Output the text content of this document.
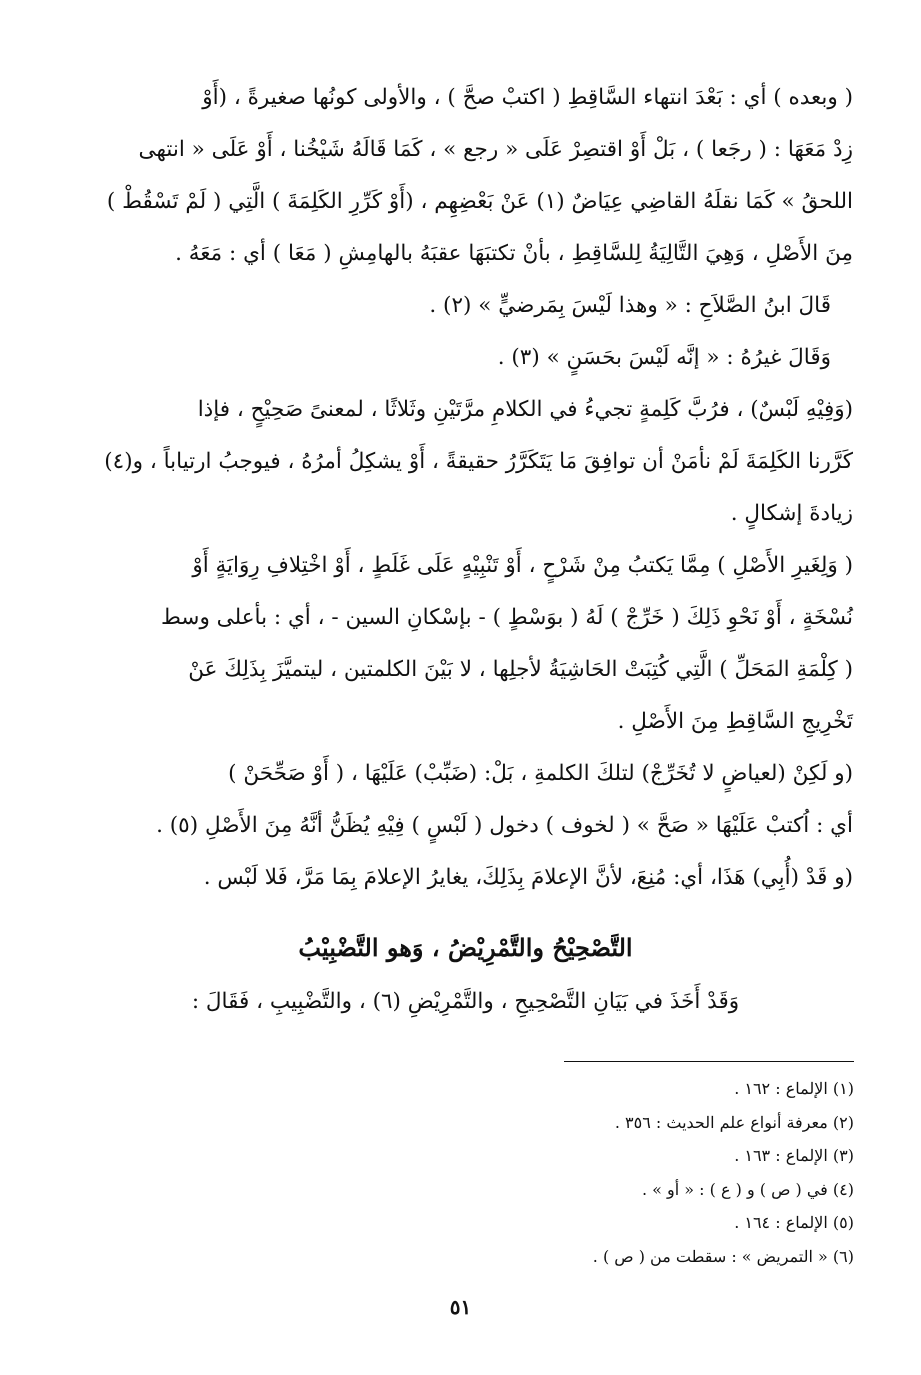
( وبعده ) أي : بَعْدَ انتهاء السَّاقِطِ ( اكتبْ صحَّ ) ، والأولى كونُها صغيرةً ، (أَوْ
زِدْ مَعَهَا : ( رجَعا ) ، بَلْ أَوْ اقتصِرْ عَلَى « رجع » ، كَمَا قَالَهُ شَيْخُنا ، أَوْ عَلَى « انتهى
اللحقُ » كَمَا نقلَهُ القاضِي عِيَاضٌ (١) عَنْ بَعْضِهِم ، (أَوْ كَرِّرِ الكَلِمَةَ ) الَّتِي ( لَمْ تَسْقُطْ )
مِنَ الأَصْلِ ، وَهِيَ التَّالِيَةُ لِلسَّاقِطِ ، بأنْ تكتبَهَا عقبَهُ بالهامِشِ ( مَعَا ) أي : مَعَهُ .
قَالَ ابنُ الصَّلاَحِ : « وهذا لَيْسَ بِمَرضيٍّ » (٢) .
وَقَالَ غيرُهُ : « إنَّه لَيْسَ بحَسَنٍ » (٣) .
(وَفِيْهِ لَبْسٌ) ، فرُبَّ كَلِمةٍ تجيءُ في الكلامِ مرَّتَيْنِ وثَلاثًا ، لمعنىً صَحِيْحٍ ، فإذا
كَرَّرنا الكَلِمَةَ لَمْ نأمَنْ أن توافِقَ مَا يَتَكَرَّرُ حقيقةً ، أَوْ يشكِلُ أمرُهُ ، فيوجبُ ارتياباً ، و(٤)
زيادةَ إشكالٍ .
( وَلِغَيرِ الأَصْلِ ) مِمَّا يَكتبُ مِنْ شَرْحٍ ، أَوْ تَنْبِيْهٍ عَلَى غَلَطٍ ، أَوْ اخْتِلافِ رِوَايَةٍ أَوْ
نُسْخَةٍ ، أَوْ نَحْوِ ذَلِكَ ( خَرِّجْ ) لَهُ ( بوَسْطٍ ) - بإسْكانِ السين - ، أي : بأعلى وسط
( كِلْمَةِ المَحَلِّ ) الَّتِي كُتِبَتْ الحَاشِيَةُ لأجلِها ، لا بَيْنَ الكلمتين ، ليتميَّزَ بِذَلِكَ عَنْ
تَخْرِيجِ السَّاقِطِ مِنَ الأَصْلِ .
(و لَكِنْ (لعياضٍ لا تُخَرِّجْ) لتلكَ الكلمةِ ، بَلْ: (ضَبِّبْ) عَلَيْهَا ، ( أَوْ صَحِّحَنْ )
أي : اُكتبْ عَلَيْهَا « صَحَّ » ( لخوف ) دخول ( لَبْسٍ ) فِيْهِ يُظَنُّ أنَّهُ مِنَ الأَصْلِ (٥) .
(و قَدْ (أُبِي) هَذَا، أي: مُنِعَ، لأنَّ الإعلامَ بِذَلِكَ، يغايرُ الإعلامَ بِمَا مَرَّ، فَلا لَبْس .
التَّصْحِيْحُ والتَّمْرِيْضُ ، وَهو التَّضْبِيْبُ
وَقَدْ أَخَذَ في بَيَانِ التَّصْحِيحِ ، والتَّمْرِيْضِ (٦) ، والتَّضْبِيبِ ، فَقَالَ :
(١) الإلماع : ١٦٢ .
(٢) معرفة أنواع علم الحديث : ٣٥٦ .
(٣) الإلماع : ١٦٣ .
(٤) في ( ص ) و ( ع ) : « أو » .
(٥) الإلماع : ١٦٤ .
(٦) « التمريض » : سقطت من ( ص ) .
٥١
